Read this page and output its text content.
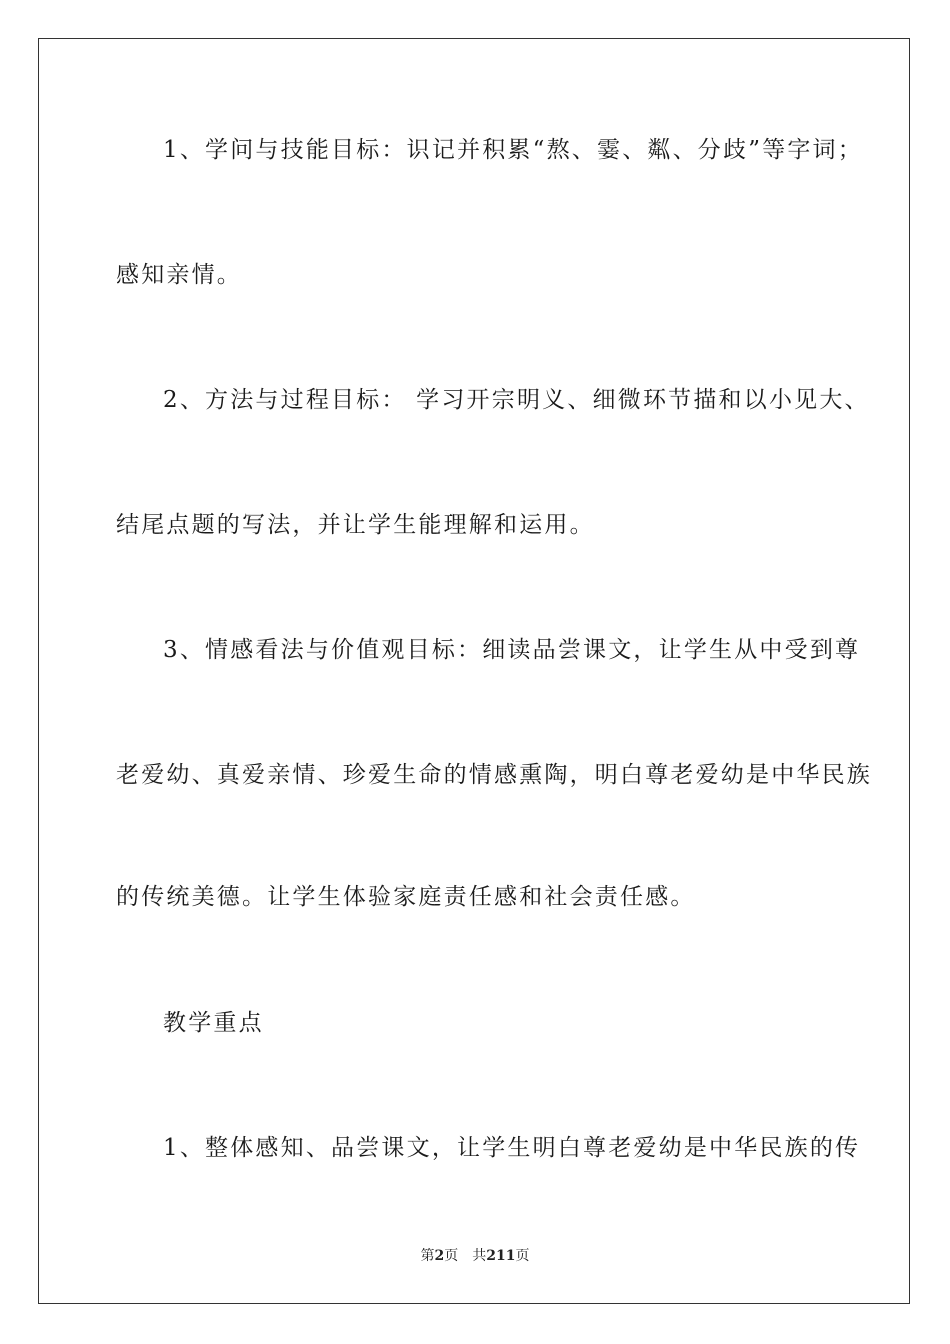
1、学问与技能目标：识记并积累“熬、霎、粼、分歧”等字词；
感知亲情。
2、方法与过程目标： 学习开宗明义、细微环节描和以小见大、
结尾点题的写法，并让学生能理解和运用。
3、情感看法与价值观目标：细读品尝课文，让学生从中受到尊
老爱幼、真爱亲情、珍爱生命的情感熏陶，明白尊老爱幼是中华民族
的传统美德。让学生体验家庭责任感和社会责任感。
教学重点
1、整体感知、品尝课文，让学生明白尊老爱幼是中华民族的传
第2页 共211页
